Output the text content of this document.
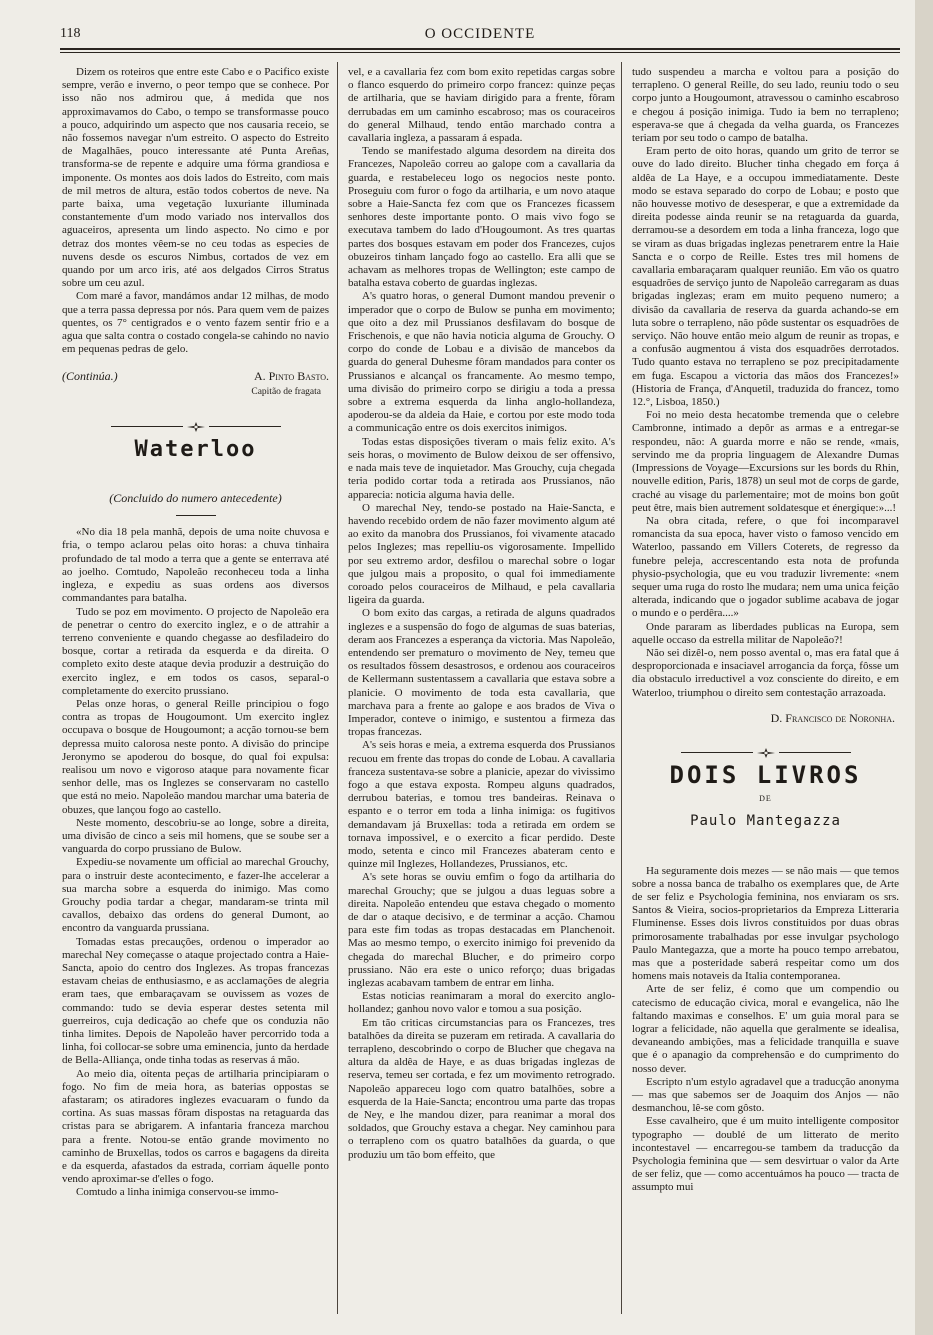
118	O OCCIDENTE

Dizem os roteiros que entre este Cabo e o Pacifico existe sempre, verão e inverno, o peor tempo que se conhece. Por isso não nos admirou que, á medida que nos approximavamos do Cabo, o tempo se transformasse pouco a pouco, adquirindo um aspecto que nos causaria receio, se não fossemos navegar n'um estreito. O aspecto do Estreito de Magalhães, pouco interessante até Punta Areñas, transforma-se de repente e adquire uma fórma grandiosa e imponente. Os montes aos dois lados do Estreito, com mais de mil metros de altura, estão todos cobertos de neve. Na parte baixa, uma vegetação luxuriante illuminada constantemente d'um modo variado nos intervallos dos aguaceiros, apresenta um lindo aspecto. No cimo e por detraz dos montes vêem-se no ceu todas as especies de nuvens desde os escuros Nimbus, cortados de vez em quando por um arco iris, até aos delgados Cirros Stratus sobre um ceu azul.

Com maré a favor, mandámos andar 12 milhas, de modo que a terra passa depressa por nós. Para quem vem de paizes quentes, os 7° centigrados e o vento fazem sentir frio e a agua que salta contra o costado congela-se cahindo no navio em pequenas pedras de gelo.

(Continúa.)	A. Pinto Basto.
Capitão de fragata
Waterloo
(Concluido do numero antecedente)

«No dia 18 pela manhã, depois de uma noite chuvosa e fria, o tempo aclarou pelas oito horas: a chuva tinhaira profundado de tal modo a terra que a gente se enterrava até ao joelho. Comtudo, Napoleão reconheceu toda a linha ingleza, e expediu as suas ordens aos diversos commandantes para batalha.

Tudo se poz em movimento. O projecto de Napoleão era de penetrar o centro do exercito inglez, e o de attrahir a terreno conveniente e quando chegasse ao desfiladeiro do bosque, cortar a retirada da esquerda e da direita. O completo exito deste ataque devia produzir a destruição do exercito inglez, e em todos os casos, separal-o completamente do exercito prussiano.

Pelas onze horas, o general Reille principiou o fogo contra as tropas de Hougoumont. Um exercito inglez occupava o bosque de Hougoumont; a acção tornou-se bem depressa muito calorosa neste ponto. A divisão do principe Jeronymo se apoderou do bosque, do qual foi expulsa: realisou um novo e vigoroso ataque para novamente ficar senhor delle, mas os Inglezes se conservaram no castello que está no meio. Napoleão mandou marchar uma bateria de obuzes, que lançou fogo ao castello.

Neste momento, descobriu-se ao longe, sobre a direita, uma divisão de cinco a seis mil homens, que se soube ser a vanguarda do corpo prussiano de Bulow.

Expediu-se novamente um official ao marechal Grouchy, para o instruir deste acontecimento, e fazer-lhe accelerar a sua marcha sobre a esquerda do inimigo. Mas como Grouchy podia tardar a chegar, mandaram-se trinta mil cavallos, debaixo das ordens do general Dumont, ao encontro da vanguarda prussiana.

Tomadas estas precauções, ordenou o imperador ao marechal Ney começasse o ataque projectado contra a Haie-Sancta, apoio do centro dos Inglezes. As tropas francezas estavam cheias de enthusiasmo, e as acclamações de alegria eram taes, que embaraçavam se ouvissem as vozes de commando: tudo se devia esperar destes setenta mil guerreiros, cuja dedicação ao chefe que os conduzia não tinha limites. Depois de Napoleão haver percorrido toda a linha, foi collocar-se sobre uma eminencia, junto da herdade de Bella-Alliança, onde tinha todas as reservas á mão.

Ao meio dia, oitenta peças de artilharia principiaram o fogo. No fim de meia hora, as baterias oppostas se afastaram; os atiradores inglezes evacuaram o fundo da cortina. As suas massas fôram dispostas na retaguarda das cristas para se abrigarem. A infantaria franceza marchou para a frente. Notou-se então grande movimento no caminho de Bruxellas, todos os carros e bagagens da direita e da esquerda, afastados da estrada, corriam áquelle ponto vendo aproximar-se d'elles o fogo.

Comtudo a linha inimiga conservou-se immo-

vel, e a cavallaria fez com bom exito repetidas cargas sobre o flanco esquerdo do primeiro corpo francez: quinze peças de artilharia, que se haviam dirigido para a frente, fôram derrubadas em um caminho escabroso; mas os couraceiros do general Milhaud, tendo então marchado contra a cavallaria ingleza, a passaram á espada.

Tendo se manifestado alguma desordem na direita dos Francezes, Napoleão correu ao galope com a cavallaria da guarda, e restabeleceu logo os negocios neste ponto. Proseguiu com furor o fogo da artilharia, e um novo ataque sobre a Haie-Sancta fez com que os Francezes ficassem senhores deste importante ponto. O mais vivo fogo se executava tambem do lado d'Hougoumont. As tres quartas partes dos bosques estavam em poder dos Francezes, cujos obuzeiros tinham lançado fogo ao castello. Era alli que se achavam as melhores tropas de Wellington; este campo de batalha estava coberto de guardas inglezas.

A's quatro horas, o general Dumont mandou prevenir o imperador que o corpo de Bulow se punha em movimento; que oito a dez mil Prussianos desfilavam do bosque de Frischenois, e que não havia noticia alguma de Grouchy. O corpo do conde de Lobau e a divisão de mancebos da guarda do general Duhesme fôram mandados para conter os Prussianos e alcançal os francamente. Ao mesmo tempo, uma divisão do primeiro corpo se dirigiu a toda a pressa sobre a extrema esquerda da linha anglo-hollandeza, apoderou-se da aldeia da Haie, e cortou por este modo toda a communicação entre os dois exercitos inimigos.

Todas estas disposições tiveram o mais feliz exito. A's seis horas, o movimento de Bulow deixou de ser offensivo, e nada mais teve de inquietador. Mas Grouchy, cuja chegada teria podido cortar toda a retirada aos Prussianos, não apparecia: noticia alguma havia delle.

O marechal Ney, tendo-se postado na Haie-Sancta, e havendo recebido ordem de não fazer movimento algum até ao exito da manobra dos Prussianos, foi vivamente atacado pelos Inglezes; mas repelliu-os vigorosamente. Impellido por seu extremo ardor, desfilou o marechal sobre o logar que julgou mais a proposito, o qual foi immediamente coroado pelos couraceiros de Milhaud, e pela cavallaria ligeira da guarda.

O bom exito das cargas, a retirada de alguns quadrados inglezes e a suspensão do fogo de algumas de suas baterias, deram aos Francezes a esperança da victoria. Mas Napoleão, entendendo ser prematuro o movimento de Ney, temeu que os resultados fôssem desastrosos, e ordenou aos couraceiros de Kellermann sustentassem a cavallaria que estava sobre a planicie. O movimento de toda esta cavallaria, que marchava para a frente ao galope e aos brados de Viva o Imperador, conteve o inimigo, e sustentou a firmeza das tropas francezas.

A's seis horas e meia, a extrema esquerda dos Prussianos recuou em frente das tropas do conde de Lobau. A cavallaria franceza sustentava-se sobre a planicie, apezar do vivissimo fogo a que estava exposta. Rompeu alguns quadrados, derrubou baterias, e tomou tres bandeiras. Reinava o espanto e o terror em toda a linha inimiga: os fugitivos demandavam já Bruxellas: toda a retirada em ordem se tornava impossivel, e o exercito a ficar perdido. Deste modo, setenta e cinco mil Francezes abateram cento e quinze mil Inglezes, Hollandezes, Prussianos, etc.

A's sete horas se ouviu emfim o fogo da artilharia do marechal Grouchy; que se julgou a duas leguas sobre a direita. Napoleão entendeu que estava chegado o momento de dar o ataque decisivo, e de terminar a acção. Chamou para este fim todas as tropas destacadas em Planchenoit. Mas ao mesmo tempo, o exercito inimigo foi prevenido da chegada do marechal Blucher, e do primeiro corpo prussiano. Não era este o unico reforço; duas brigadas inglezas acabavam tambem de entrar em linha.

Estas noticias reanimaram a moral do exercito anglo-hollandez; ganhou novo valor e tomou a sua posição.

Em tão criticas circumstancias para os Francezes, tres batalhões da direita se puzeram em retirada. A cavallaria do terrapleno, descobrindo o corpo de Blucher que chegava na altura da aldêa de Haye, e as duas brigadas inglezas de reserva, temeu ser cortada, e fez um movimento retrogrado. Napoleão appareceu logo com quatro batalhões, sobre a esquerda de la Haie-Sancta; encontrou uma parte das tropas de Ney, e lhe mandou dizer, para reanimar a moral dos soldados, que Grouchy estava a chegar. Ney caminhou para o terrapleno com os quatro batalhões da guarda, o que produziu um tão bom effeito, que

tudo suspendeu a marcha e voltou para a posição do terrapleno. O general Reille, do seu lado, reuniu todo o seu corpo junto a Hougoumont, atravessou o caminho escabroso e chegou á posição inimiga. Tudo ia bem no terrapleno; esperava-se que á chegada da velha guarda, os Francezes teriam por seu todo o campo de batalha.

Eram perto de oito horas, quando um grito de terror se ouve do lado direito. Blucher tinha chegado em força á aldêa de La Haye, e a occupou immediatamente. Deste modo se estava separado do corpo de Lobau; e posto que não houvesse motivo de desesperar, e que a extremidade da direita podesse ainda reunir se na retaguarda da guarda, derramou-se a desordem em toda a linha franceza, logo que se viram as duas brigadas inglezas penetrarem entre la Haie Sancta e o corpo de Reille. Estes tres mil homens de cavallaria embaraçaram qualquer reunião. Em vão os quatro esquadrões de serviço junto de Napoleão carregaram as duas brigadas inglezas; eram em muito pequeno numero; a divisão da cavallaria de reserva da guarda achando-se em luta sobre o terrapleno, não pôde sustentar os esquadrões de serviço. Não houve então meio algum de reunir as tropas, e a confusão augmentou á vista dos esquadrões derrotados. Tudo quanto estava no terrapleno se poz precipitadamente em fuga. Escapou a victoria das mãos dos Francezes!» (Historia de França, d'Anquetil, traduzida do francez, tomo 12.°, Lisboa, 1850.)

Foi no meio desta hecatombe tremenda que o celebre Cambronne, intimado a depôr as armas e a entregar-se respondeu, não: A guarda morre e não se rende, «mais, servindo me da propria linguagem de Alexandre Dumas (Impressions de Voyage—Excursions sur les bords du Rhin, nouvelle edition, Paris, 1878) un seul mot de corps de garde, craché au visage du parlementaire; mot de moins bon goût peut être, mais bien autrement soldatesque et énergique:»...!

Na obra citada, refere, o que foi incomparavel romancista da sua epoca, haver visto o famoso vencido em Waterloo, passando em Villers Coterets, de regresso da funebre peleja, accrescentando esta nota de profunda physio-psychologia, que eu vou traduzir livremente: «nem sequer uma ruga do rosto lhe mudara; nem uma unica feição alterada, indicando que o jogador sublime acabava de jogar o mundo e o perdêra....»

Onde pararam as liberdades publicas na Europa, sem aquelle occaso da estrella militar de Napoleão?!

Não sei dizêl-o, nem posso avental o, mas era fatal que á desproporcionada e insaciavel arrogancia da força, fôsse um dia obstaculo irreductivel a voz consciente do direito, e em Waterloo, triumphou o direito sem contestação arrazoada.

D. Francisco de Noronha.
DOIS LIVROS
DE
Paulo Mantegazza

Ha seguramente dois mezes — se não mais — que temos sobre a nossa banca de trabalho os exemplares que, de Arte de ser feliz e Psychologia feminina, nos enviaram os srs. Santos & Vieira, socios-proprietarios da Empreza Litteraria Fluminense. Esses dois livros constituidos por duas obras primorosamente trabalhadas por esse invulgar psychologo Paulo Mantegazza, que a morte ha pouco tempo arrebatou, mas que a posteridade saberá respeitar como um dos homens mais notaveis da Italia contemporanea.

Arte de ser feliz, é como que um compendio ou catecismo de educação civica, moral e evangelica, não lhe faltando maximas e conselhos. E' um guia moral para se lograr a felicidade, não aquella que geralmente se idealisa, devaneando ambições, mas a felicidade tranquilla e suave que é o apanagio da comprehensão e do cumprimento do nosso dever.

Escripto n'um estylo agradavel que a traducção anonyma — mas que sabemos ser de Joaquim dos Anjos — não desmanchou, lê-se com gôsto.

Esse cavalheiro, que é um muito intelligente compositor typographo — doublé de um litterato de merito incontestavel — encarregou-se tambem da traducção da Psychologia feminina que — sem desvirtuar o valor da Arte de ser feliz, que — como accentuámos ha pouco — tracta de assumpto mui
